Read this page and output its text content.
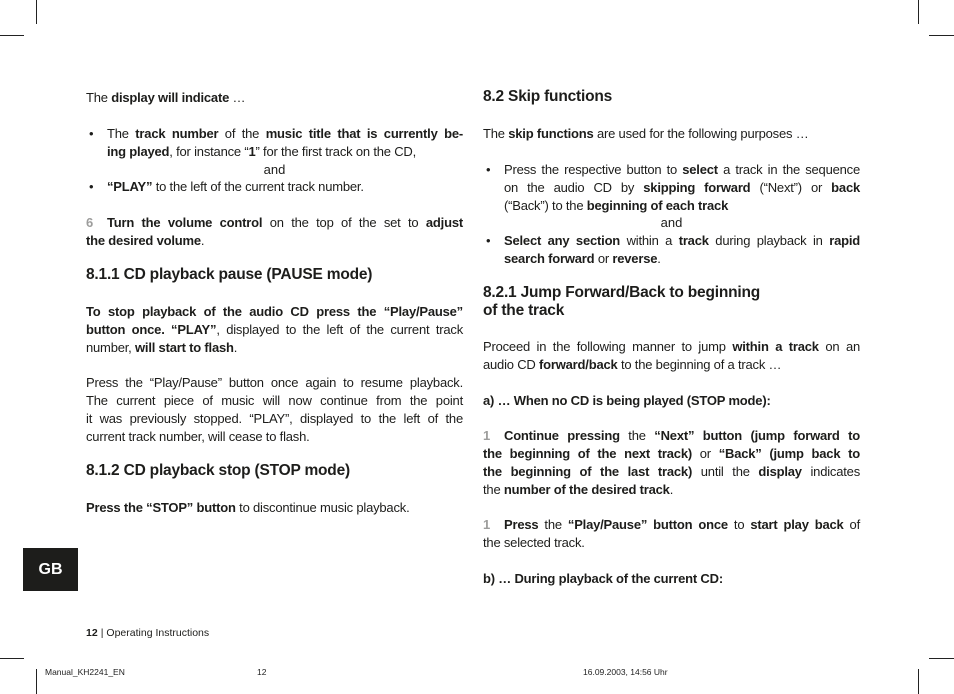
The display will indicate …
• The track number of the music title that is currently be-
ing played, for instance “1” for the first track on the CD,
and
• “PLAY” to the left of the current track number.
6 Turn the volume control on the top of the set to adjust
the desired volume.
8.1.1 CD playback pause (PAUSE mode)
To stop playback of the audio CD press the “Play/Pause”
button once. “PLAY”, displayed to the left of the current track
number, will start to flash.
Press the “Play/Pause” button once again to resume playback.
The current piece of music will now continue from the point
it was previously stopped. “PLAY”, displayed to the left of the
current track number, will cease to flash.
8.1.2 CD playback stop (STOP mode)
Press the “STOP” button to discontinue music playback.
8.2 Skip functions
The skip functions are used for the following purposes …
• Press the respective button to select a track in the sequence
on the audio CD by skipping forward (“Next”) or back
(“Back”) to the beginning of each track
and
• Select any section within a track during playback in rapid
search forward or reverse.
8.2.1 Jump Forward/Back to beginning
of the track
Proceed in the following manner to jump within a track on an
audio CD forward/back to the beginning of a track …
a) … When no CD is being played (STOP mode):
1 Continue pressing the “Next” button (jump forward to
the beginning of the next track) or “Back” (jump back to
the beginning of the last track) until the display indicates
the number of the desired track.
1 Press the “Play/Pause” button once to start play back of
the selected track.
b) … During playback of the current CD:
GB
12 | Operating Instructions
Manual_KH2241_EN	12	16.09.2003, 14:56 Uhr
